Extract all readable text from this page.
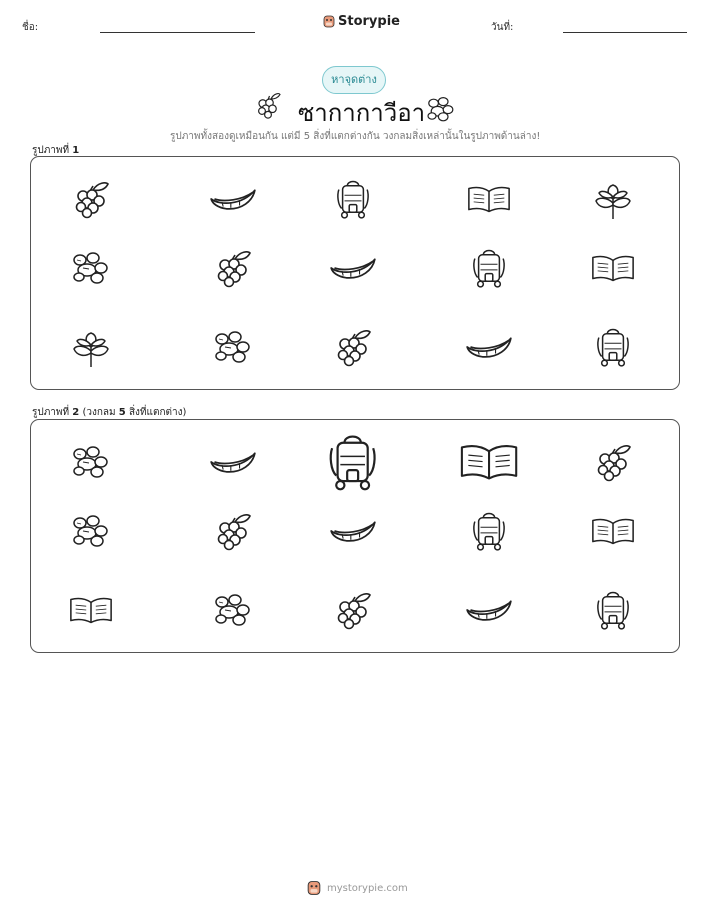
ชื่อ:	Storypie	วันที่:
หาจุดต่าง
ซากากาวีอา
รูปภาพทั้งสองดูเหมือนกัน แต่มี 5 สิ่งที่แตกต่างกัน วงกลมสิ่งเหล่านั้นในรูปภาพด้านล่าง!
รูปภาพที่ 1
รูปภาพที่ 2 (วงกลม 5 สิ่งที่แตกต่าง)
mystorypie.com
